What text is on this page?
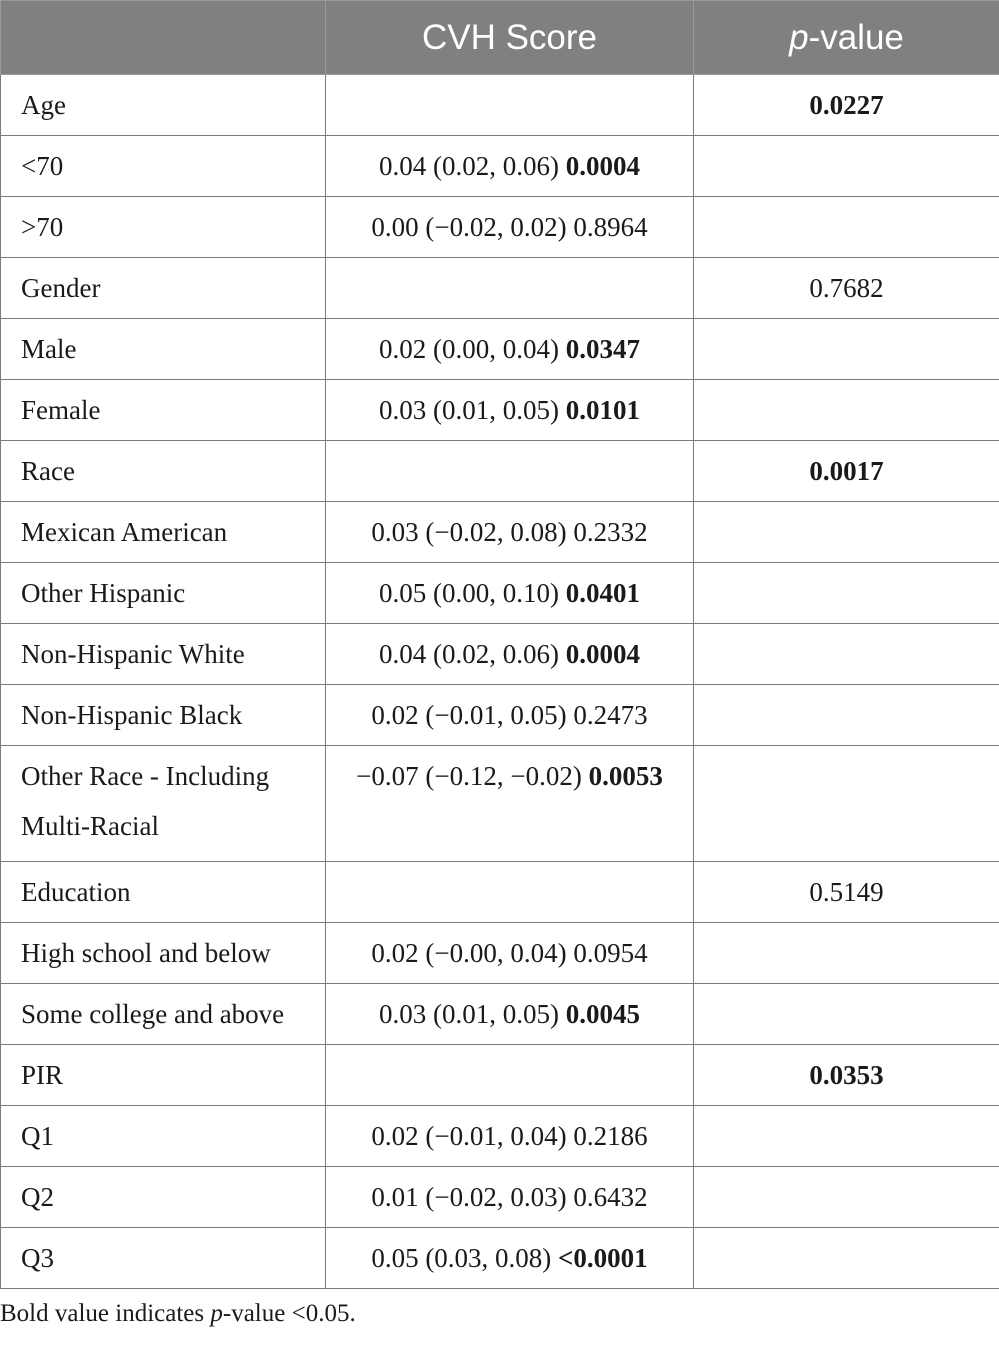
	CVH Score	p-value
Age		0.0227
<70	0.04 (0.02, 0.06) 0.0004	
>70	0.00 (−0.02, 0.02) 0.8964	
Gender		0.7682
Male	0.02 (0.00, 0.04) 0.0347	
Female	0.03 (0.01, 0.05) 0.0101	
Race		0.0017
Mexican American	0.03 (−0.02, 0.08) 0.2332	
Other Hispanic	0.05 (0.00, 0.10) 0.0401	
Non-Hispanic White	0.04 (0.02, 0.06) 0.0004	
Non-Hispanic Black	0.02 (−0.01, 0.05) 0.2473	
Other Race - Including Multi-Racial	−0.07 (−0.12, −0.02) 0.0053	
Education		0.5149
High school and below	0.02 (−0.00, 0.04) 0.0954	
Some college and above	0.03 (0.01, 0.05) 0.0045	
PIR		0.0353
Q1	0.02 (−0.01, 0.04) 0.2186	
Q2	0.01 (−0.02, 0.03) 0.6432	
Q3	0.05 (0.03, 0.08) <0.0001	
Bold value indicates p-value <0.05.
